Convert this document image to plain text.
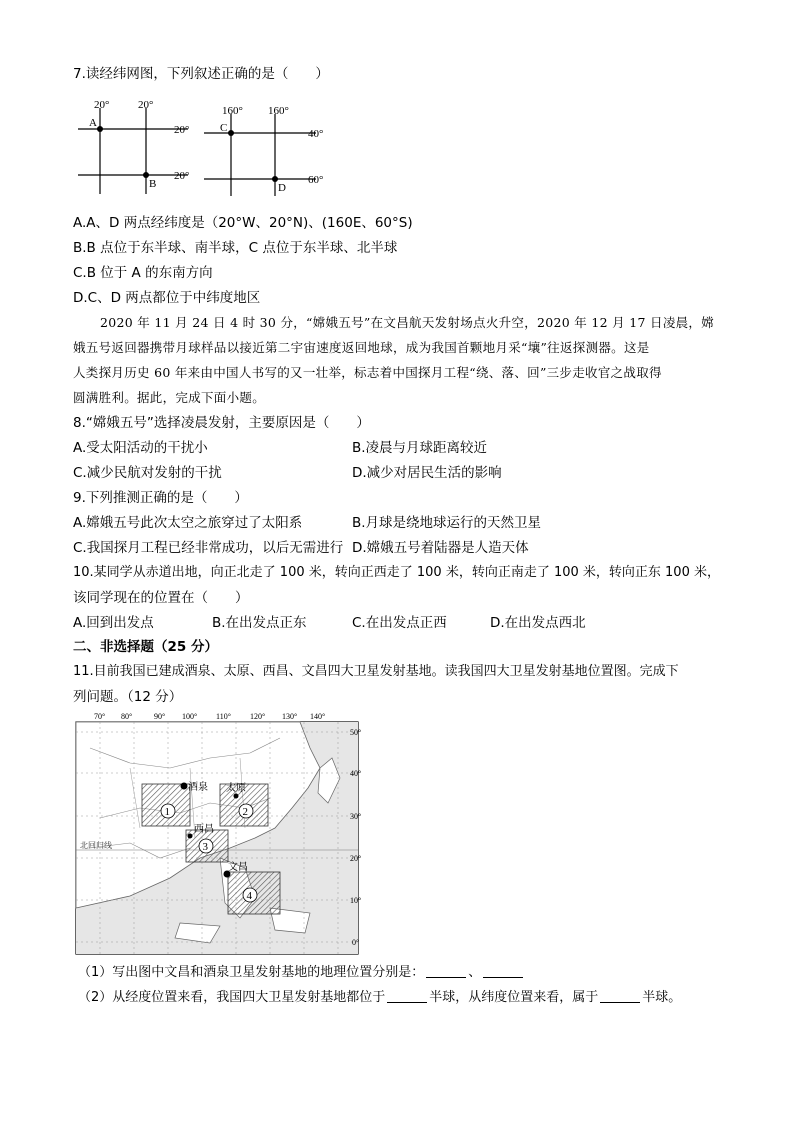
7.读经纬网图，下列叙述正确的是（　　）
20°	20°
20°
20°
A
B
160° 160°
40°
60°
C
D
A.A、D 两点经纬度是（20°W、20°N)、(160E、60°S)
B.B 点位于东半球、南半球，C 点位于东半球、北半球
C.B 位于 A 的东南方向
D.C、D 两点都位于中纬度地区
2020 年 11 月 24 日 4 时 30 分，“嫦娥五号”在文昌航天发射场点火升空，2020 年 12 月 17 日凌晨，嫦
娥五号返回器携带月球样品以接近第二宇宙速度返回地球，成为我国首颗地月采“壤”往返探测器。这是
人类探月历史 60 年来由中国人书写的又一壮举，标志着中国探月工程“绕、落、回”三步走收官之战取得
圆满胜利。据此，完成下面小题。
8.“嫦娥五号”选择凌晨发射，主要原因是（　　）
A.受太阳活动的干扰小	B.凌晨与月球距离较近
C.减少民航对发射的干扰	D.减少对居民生活的影响
9.下列推测正确的是（　　）
A.嫦娥五号此次太空之旅穿过了太阳系	B.月球是绕地球运行的天然卫星
C.我国探月工程已经非常成功，以后无需进行 D.嫦娥五号着陆器是人造天体
10.某同学从赤道出地，向正北走了 100 米，转向正西走了 100 米，转向正南走了 100 米，转向正东 100 米，
该同学现在的位置在（　　）
A.回到出发点	B.在出发点正东	C.在出发点正西	D.在出发点西北
二、非选择题（25 分）
11.目前我国已建成酒泉、太原、西昌、文昌四大卫星发射基地。读我国四大卫星发射基地位置图。完成下
列问题。（12 分）
北回归线
1	2
3
4
酒泉 太原
西昌
文昌
70° 80°	90° 100° 110° 120° 130° 140°
50°
40°
30°
20°
10°
0°
（1）写出图中文昌和酒泉卫星发射基地的地理位置分别是：	、
（2）从经度位置来看，我国四大卫星发射基地都位于	半球，从纬度位置来看，属于	半球。
